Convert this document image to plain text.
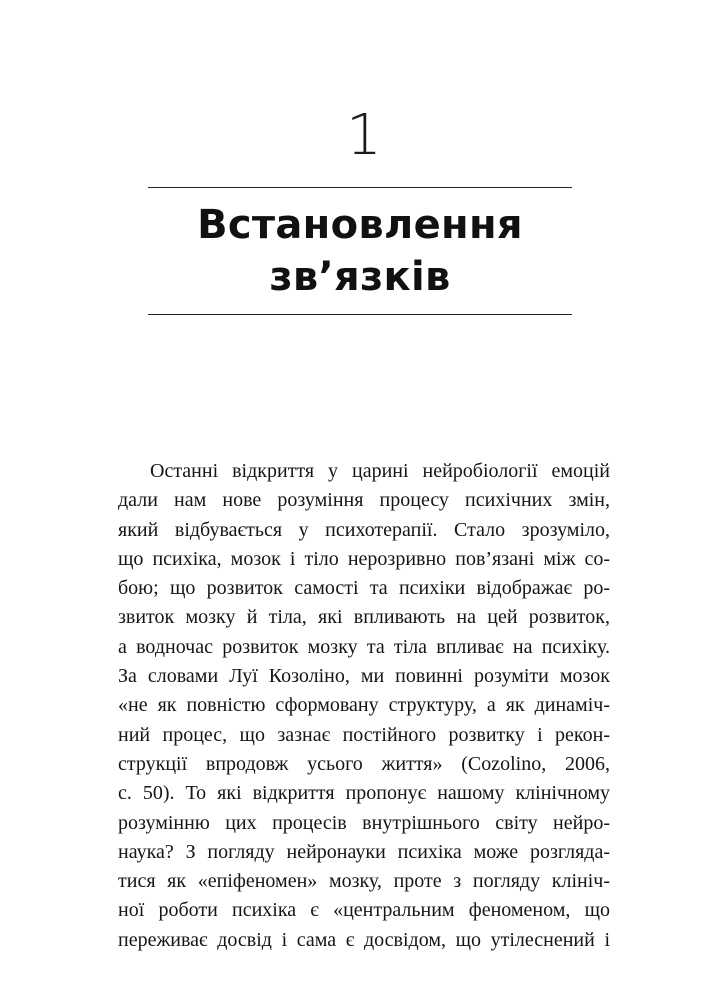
1
Встановлення
зв’язків
Останні відкриття у царині нейробіології емоцій
дали нам нове розуміння процесу психічних змін,
який відбувається у психотерапії. Стало зрозуміло,
що психіка, мозок і тіло нерозривно пов’язані між со-
бою; що розвиток самості та психіки відображає ро-
звиток мозку й тіла, які впливають на цей розвиток,
а водночас розвиток мозку та тіла впливає на психіку.
За словами Луї Козоліно, ми повинні розуміти мозок
«не як повністю сформовану структуру, а як динаміч-
ний процес, що зазнає постійного розвитку і рекон-
струкції впродовж усього життя» (Cozolino, 2006,
с. 50). То які відкриття пропонує нашому клінічному
розумінню цих процесів внутрішнього світу нейро-
наука? З погляду нейронауки психіка може розгляда-
тися як «епіфеномен» мозку, проте з погляду клініч-
ної роботи психіка є «центральним феноменом, що
переживає досвід і сама є досвідом, що утілеснений і
